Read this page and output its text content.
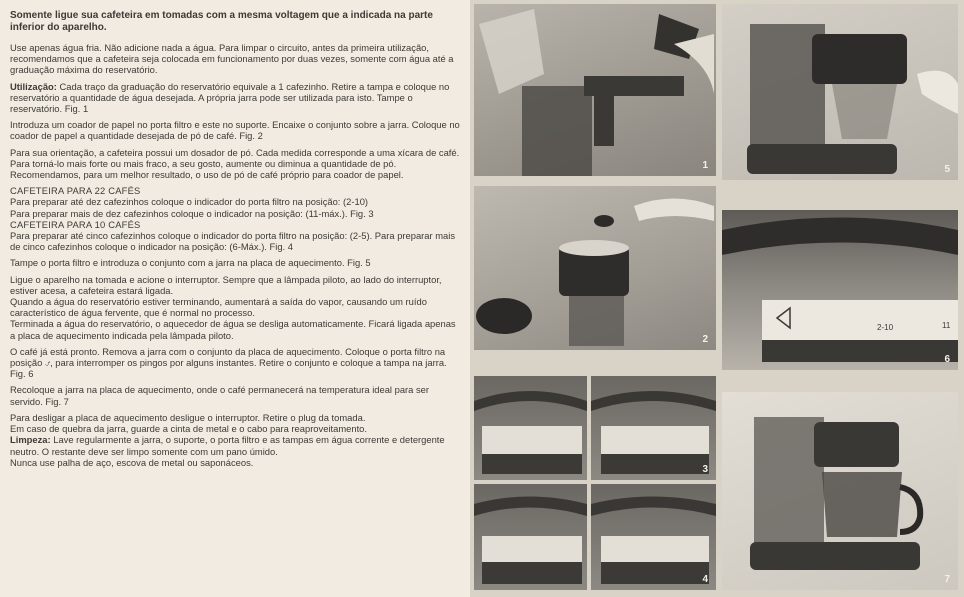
Somente ligue sua cafeteira em tomadas com a mesma voltagem que a indicada na parte inferior do aparelho.

Use apenas água fria. Não adicione nada a água. Para limpar o circuito, antes da primeira utilização, recomendamos que a cafeteira seja colocada em funcionamento por duas vezes, somente com água até a graduação máxima do reservatório.

Utilização: Cada traço da graduação do reservatório equivale a 1 cafezinho. Retire a tampa e coloque no reservatório a quantidade de água desejada. A própria jarra pode ser utilizada para isto. Tampe o reservatório. Fig. 1

Introduza um coador de papel no porta filtro e este no suporte. Encaixe o conjunto sobre a jarra. Coloque no coador de papel a quantidade desejada de pó de café. Fig. 2

Para sua orientação, a cafeteira possui um dosador de pó. Cada medida corresponde a uma xícara de café. Para torná-lo mais forte ou mais fraco, a seu gosto, aumente ou diminua a quantidade de pó.

Recomendamos, para um melhor resultado, o uso de pó de café próprio para coador de papel.

CAFETEIRA PARA 22 CAFÉS

Para preparar até dez cafezinhos coloque o indicador do porta filtro na posição: (2-10)

Para preparar mais de dez cafezinhos coloque o indicador na posição: (11-máx.). Fig. 3

CAFETEIRA PARA 10 CAFÉS

Para preparar até cinco cafezinhos coloque o indicador do porta filtro na posição: (2-5). Para preparar mais de cinco cafezinhos coloque o indicador na posição: (6-Máx.). Fig. 4

Tampe o porta filtro e introduza o conjunto com a jarra na placa de aquecimento. Fig. 5

Ligue o aparelho na tomada e acione o interruptor. Sempre que a lâmpada piloto, ao lado do interruptor, estiver acesa, a cafeteira estará ligada.

Quando a água do reservatório estiver terminando, aumentará a saída do vapor, causando um ruído característico de água fervente, que é normal no processo.

Terminada a água do reservatório, o aquecedor de água se desliga automaticamente. Ficará ligada apenas a placa de aquecimento indicada pela lâmpada piloto.

O café já está pronto. Remova a jarra com o conjunto da placa de aquecimento. Coloque o porta filtro na posição ⍻, para interromper os pingos por alguns instantes. Retire o conjunto e coloque a tampa na jarra. Fig. 6

Recoloque a jarra na placa de aquecimento, onde o café permanecerá na temperatura ideal para ser servido. Fig. 7

Para desligar a placa de aquecimento desligue o interruptor. Retire o plug da tomada.

Em caso de quebra da jarra, guarde a cinta de metal e o cabo para reaproveitamento.

Limpeza: Lave regularmente a jarra, o suporte, o porta filtro e as tampas em água corrente e detergente neutro. O restante deve ser limpo somente com um pano úmido.

Nunca use palha de aço, escova de metal ou saponáceos.

1
2
3
4
5
2-10	11
6
7
